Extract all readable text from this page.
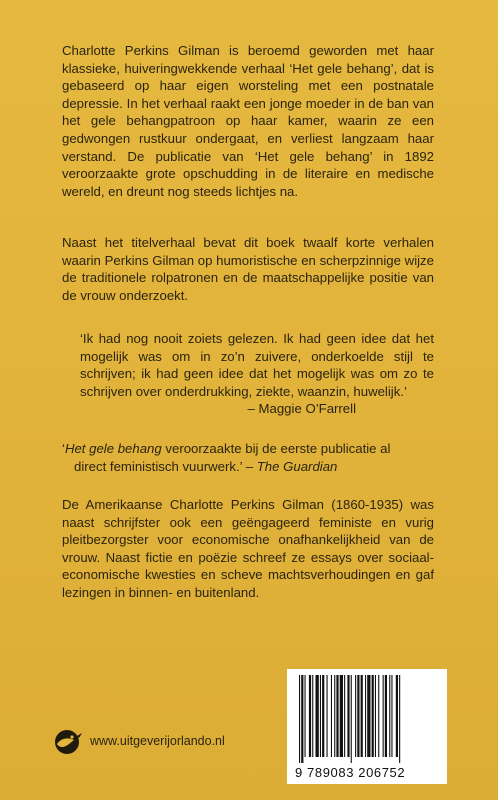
Charlotte Perkins Gilman is beroemd geworden met haar klassieke, huiveringwekkende verhaal ‘Het gele behang’, dat is gebaseerd op haar eigen worsteling met een postnatale depressie. In het verhaal raakt een jonge moeder in de ban van het gele behangpatroon op haar kamer, waarin ze een gedwongen rustkuur ondergaat, en verliest langzaam haar verstand. De publicatie van ‘Het gele behang’ in 1892 veroorzaakte grote opschudding in de literaire en medische wereld, en dreunt nog steeds lichtjes na.

Naast het titelverhaal bevat dit boek twaalf korte verhalen waarin Perkins Gilman op humoristische en scherpzinnige wijze de traditionele rolpatronen en de maatschappelijke positie van de vrouw onderzoekt.

‘Ik had nog nooit zoiets gelezen. Ik had geen idee dat het mogelijk was om in zo’n zuivere, onderkoelde stijl te schrijven; ik had geen idee dat het mogelijk was om zo te schrijven over onderdrukking, ziekte, waanzin, huwelijk.’
– Maggie O’Farrell

‘Het gele behang veroorzaakte bij de eerste publicatie al
direct feministisch vuurwerk.’ – The Guardian

De Amerikaanse Charlotte Perkins Gilman (1860-1935) was naast schrijfster ook een geëngageerd feministe en vurig pleitbezorgster voor economische onafhankelijkheid van de vrouw. Naast fictie en poëzie schreef ze essays over sociaal-economische kwesties en scheve machtsverhoudingen en gaf lezingen in binnen- en buitenland.

www.uitgeverijorlando.nl
9 789083 206752
